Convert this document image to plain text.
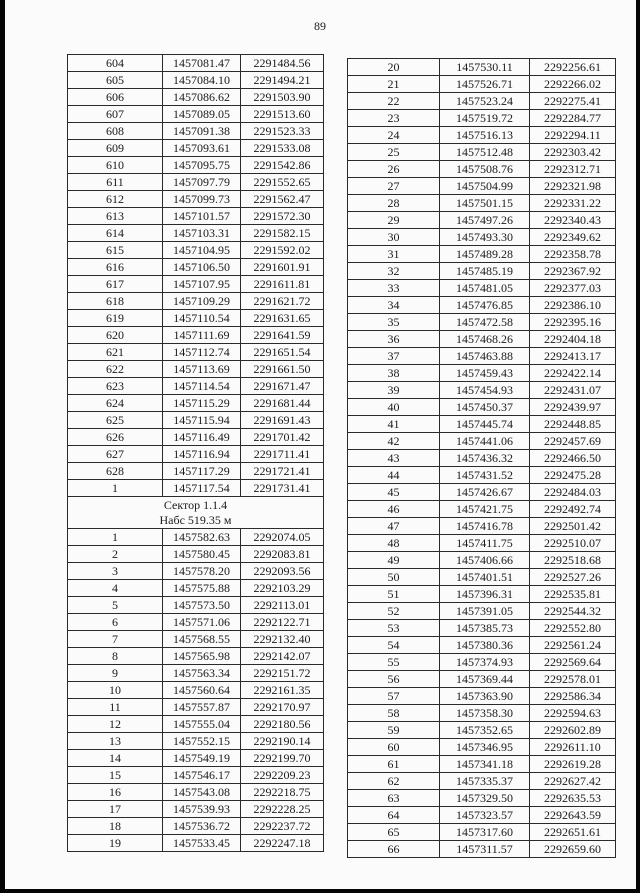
89
604	1457081.47	2291484.56
605	1457084.10	2291494.21
606	1457086.62	2291503.90
607	1457089.05	2291513.60
608	1457091.38	2291523.33
609	1457093.61	2291533.08
610	1457095.75	2291542.86
611	1457097.79	2291552.65
612	1457099.73	2291562.47
613	1457101.57	2291572.30
614	1457103.31	2291582.15
615	1457104.95	2291592.02
616	1457106.50	2291601.91
617	1457107.95	2291611.81
618	1457109.29	2291621.72
619	1457110.54	2291631.65
620	1457111.69	2291641.59
621	1457112.74	2291651.54
622	1457113.69	2291661.50
623	1457114.54	2291671.47
624	1457115.29	2291681.44
625	1457115.94	2291691.43
626	1457116.49	2291701.42
627	1457116.94	2291711.41
628	1457117.29	2291721.41
1	1457117.54	2291731.41

Сектор 1.1.4
Набс 519.35 м		

1	1457582.63	2292074.05
2	1457580.45	2292083.81
3	1457578.20	2292093.56
4	1457575.88	2292103.29
5	1457573.50	2292113.01
6	1457571.06	2292122.71
7	1457568.55	2292132.40
8	1457565.98	2292142.07
9	1457563.34	2292151.72
10	1457560.64	2292161.35
11	1457557.87	2292170.97
12	1457555.04	2292180.56
13	1457552.15	2292190.14
14	1457549.19	2292199.70
15	1457546.17	2292209.23
16	1457543.08	2292218.75
17	1457539.93	2292228.25
18	1457536.72	2292237.72
19	1457533.45	2292247.18
20	1457530.11	2292256.61
21	1457526.71	2292266.02
22	1457523.24	2292275.41
23	1457519.72	2292284.77
24	1457516.13	2292294.11
25	1457512.48	2292303.42
26	1457508.76	2292312.71
27	1457504.99	2292321.98
28	1457501.15	2292331.22
29	1457497.26	2292340.43
30	1457493.30	2292349.62
31	1457489.28	2292358.78
32	1457485.19	2292367.92
33	1457481.05	2292377.03
34	1457476.85	2292386.10
35	1457472.58	2292395.16
36	1457468.26	2292404.18
37	1457463.88	2292413.17
38	1457459.43	2292422.14
39	1457454.93	2292431.07
40	1457450.37	2292439.97
41	1457445.74	2292448.85
42	1457441.06	2292457.69
43	1457436.32	2292466.50
44	1457431.52	2292475.28
45	1457426.67	2292484.03
46	1457421.75	2292492.74
47	1457416.78	2292501.42
48	1457411.75	2292510.07
49	1457406.66	2292518.68
50	1457401.51	2292527.26
51	1457396.31	2292535.81
52	1457391.05	2292544.32
53	1457385.73	2292552.80
54	1457380.36	2292561.24
55	1457374.93	2292569.64
56	1457369.44	2292578.01
57	1457363.90	2292586.34
58	1457358.30	2292594.63
59	1457352.65	2292602.89
60	1457346.95	2292611.10
61	1457341.18	2292619.28
62	1457335.37	2292627.42
63	1457329.50	2292635.53
64	1457323.57	2292643.59
65	1457317.60	2292651.61
66	1457311.57	2292659.60
